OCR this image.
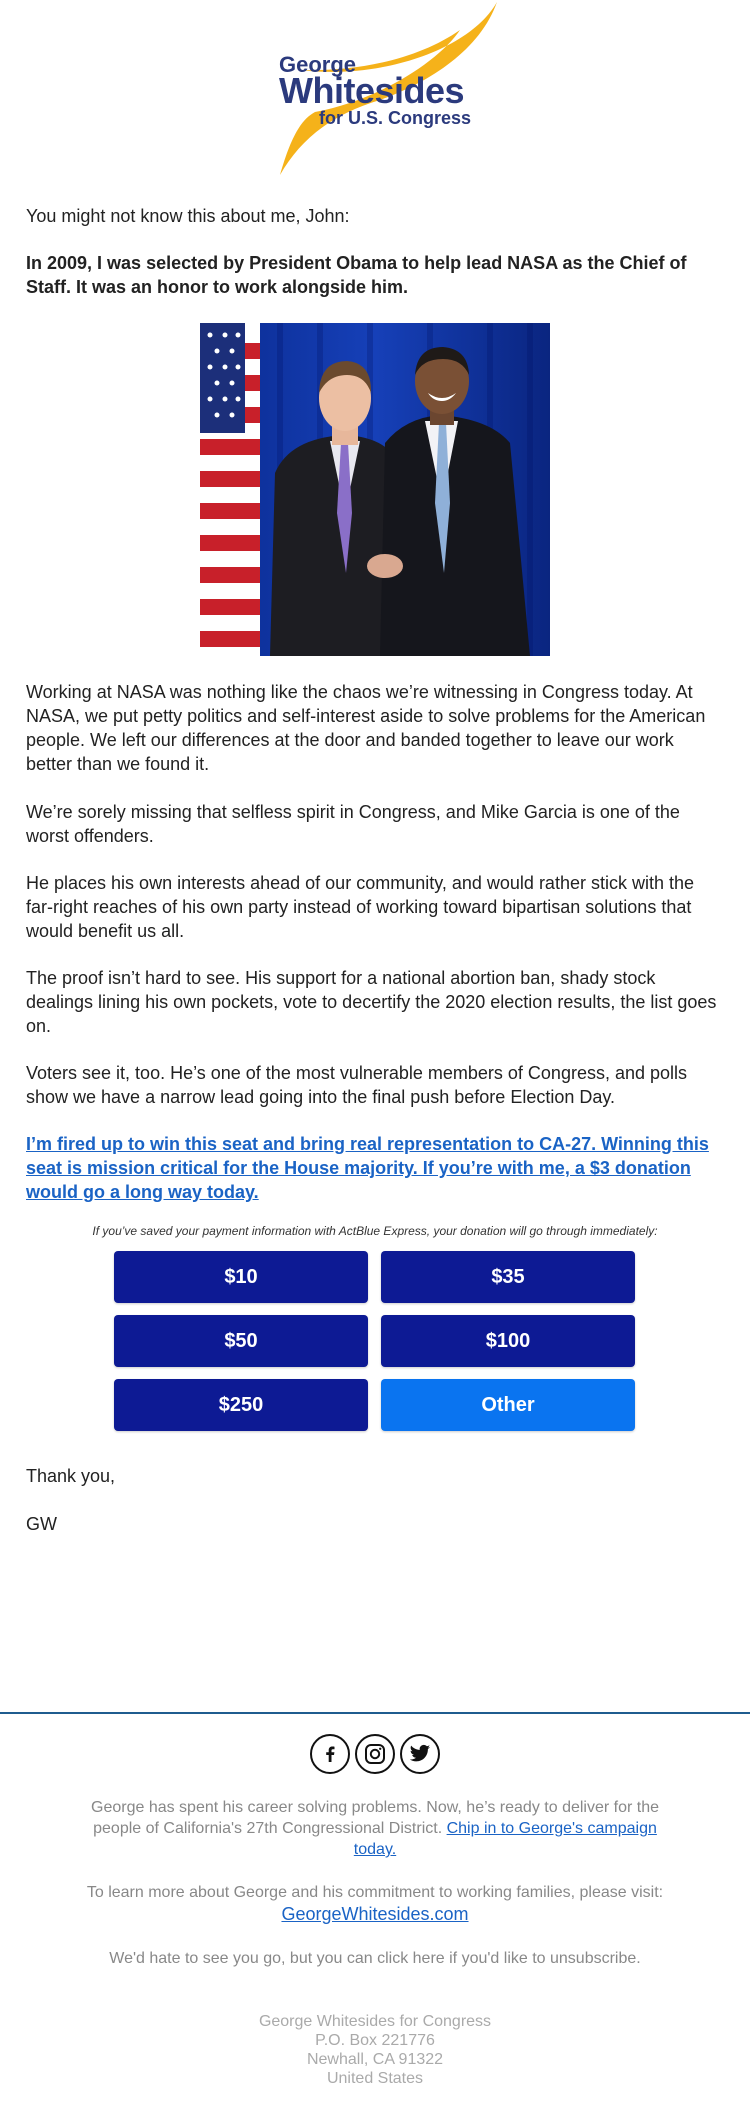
George
Whitesides
for U.S. Congress

You might not know this about me, John:

In 2009, I was selected by President Obama to help lead NASA as the Chief of Staff. It was an honor to work alongside him.

Working at NASA was nothing like the chaos we’re witnessing in Congress today. At NASA, we put petty politics and self-interest aside to solve problems for the American people. We left our differences at the door and banded together to leave our work better than we found it.

We’re sorely missing that selfless spirit in Congress, and Mike Garcia is one of the worst offenders.

He places his own interests ahead of our community, and would rather stick with the far-right reaches of his own party instead of working toward bipartisan solutions that would benefit us all.

The proof isn’t hard to see. His support for a national abortion ban, shady stock dealings lining his own pockets, vote to decertify the 2020 election results, the list goes on.

Voters see it, too. He’s one of the most vulnerable members of Congress, and polls show we have a narrow lead going into the final push before Election Day.

I’m fired up to win this seat and bring real representation to CA-27. Winning this seat is mission critical for the House majority. If you’re with me, a $3 donation would go a long way today.
If you’ve saved your payment information with ActBlue Express, your donation will go through immediately:
$10	$35
$50	$100
$250	Other

Thank you,

GW

George has spent his career solving problems. Now, he’s ready to deliver for the people of California's 27th Congressional District. Chip in to George's campaign today.
To learn more about George and his commitment to working families, please visit:
GeorgeWhitesides.com
We'd hate to see you go, but you can click here if you'd like to unsubscribe.
George Whitesides for Congress
P.O. Box 221776
Newhall, CA 91322
United States
